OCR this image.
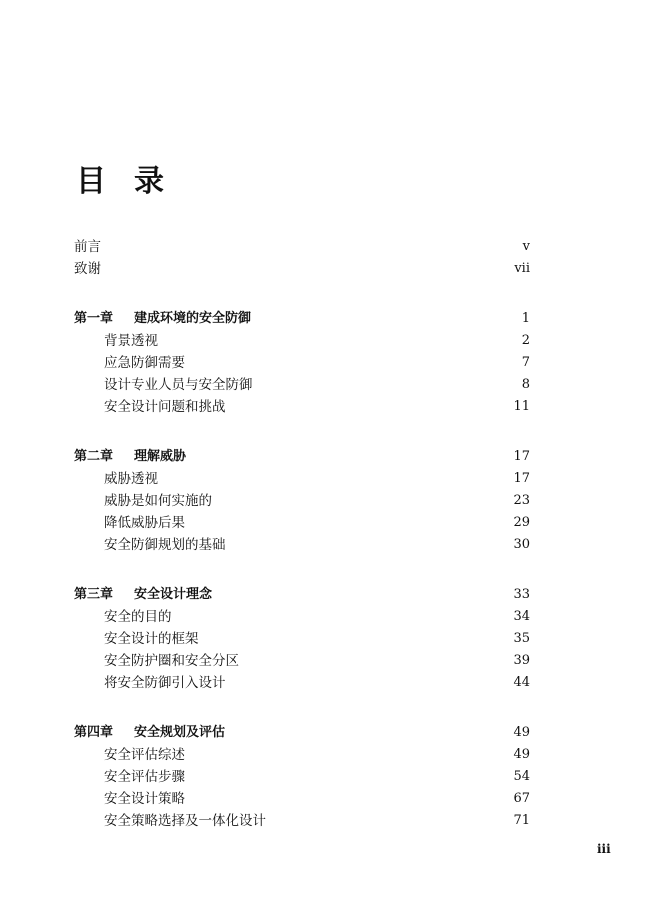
目 录
前言	v
致谢	vii
第一章 建成环境的安全防御	1
背景透视	2
应急防御需要	7
设计专业人员与安全防御	8
安全设计问题和挑战	11
第二章 理解威胁	17
威胁透视	17
威胁是如何实施的	23
降低威胁后果	29
安全防御规划的基础	30
第三章 安全设计理念	33
安全的目的	34
安全设计的框架	35
安全防护圈和安全分区	39
将安全防御引入设计	44
第四章 安全规划及评估	49
安全评估综述	49
安全评估步骤	54
安全设计策略	67
安全策略选择及一体化设计	71
iii
